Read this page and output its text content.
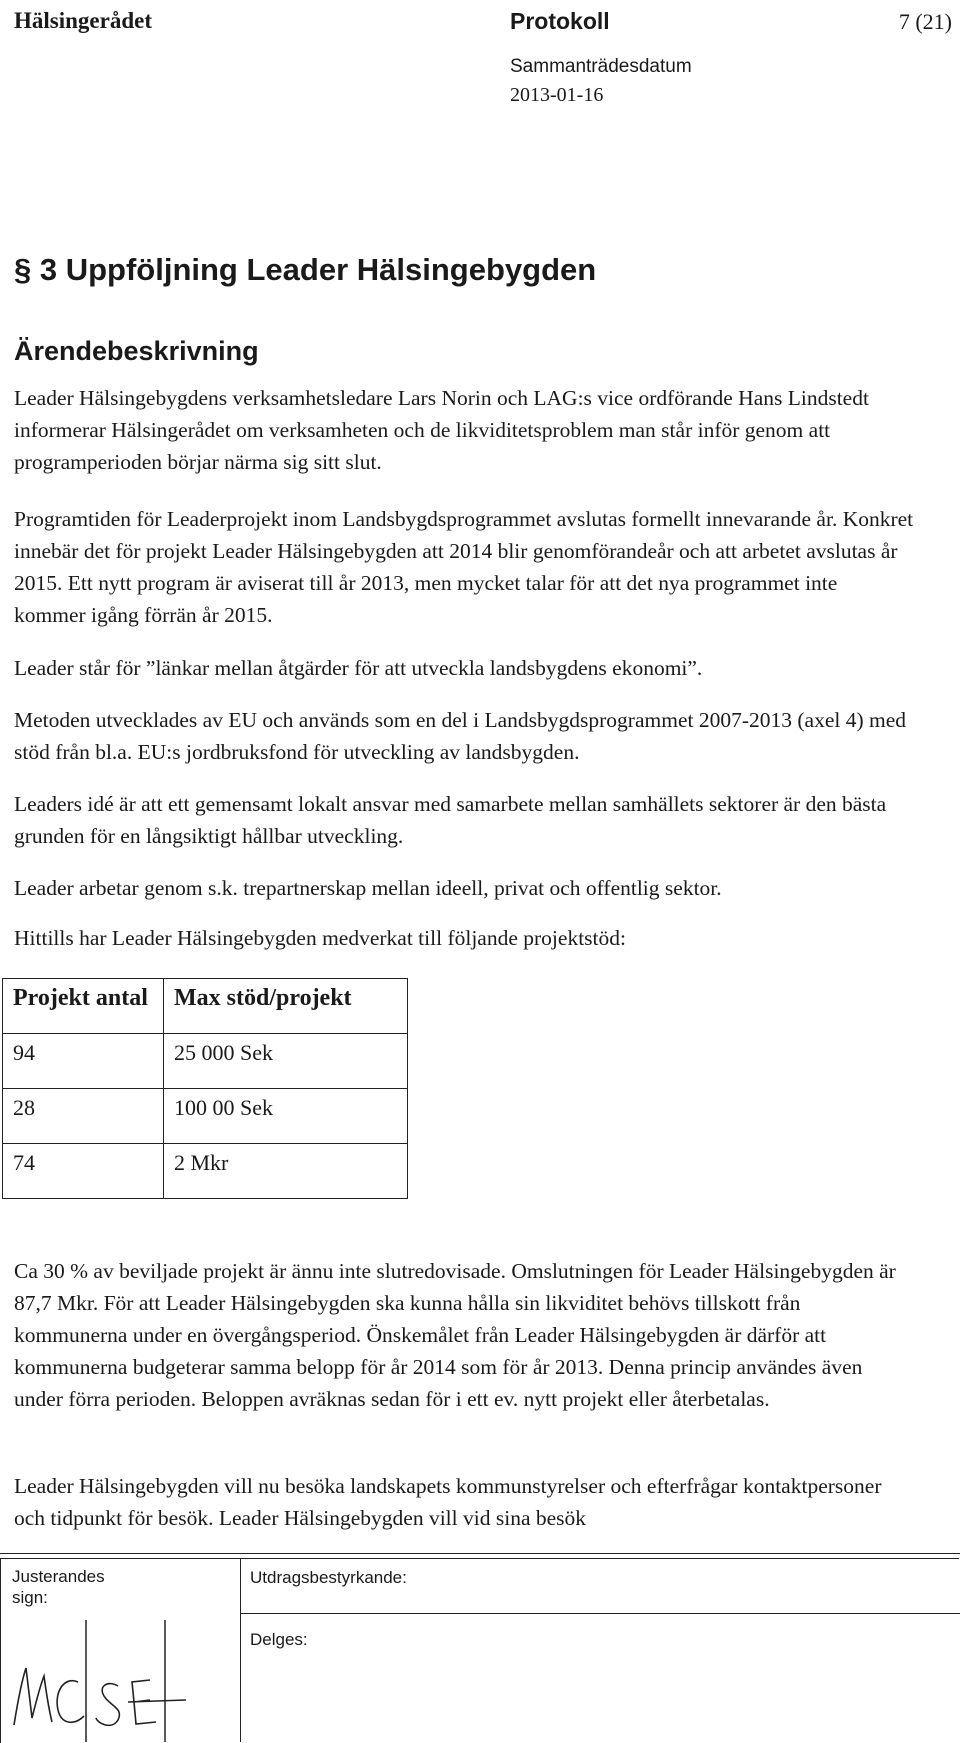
Hälsingerådet	Protokoll	7 (21)
Sammanträdesdatum
2013-01-16
§ 3 Uppföljning Leader Hälsingebygden
Ärendebeskrivning

Leader Hälsingebygdens verksamhetsledare Lars Norin och LAG:s vice ordförande Hans Lindstedt informerar Hälsingerådet om verksamheten och de likviditetsproblem man står inför genom att programperioden börjar närma sig sitt slut.

Programtiden för Leaderprojekt inom Landsbygdsprogrammet avslutas formellt innevarande år. Konkret innebär det för projekt Leader Hälsingebygden att 2014 blir genomförandeår och att arbetet avslutas år 2015. Ett nytt program är aviserat till år 2013, men mycket talar för att det nya programmet inte kommer igång förrän år 2015.

Leader står för ”länkar mellan åtgärder för att utveckla landsbygdens ekonomi”.

Metoden utvecklades av EU och används som en del i Landsbygdsprogrammet 2007-2013 (axel 4) med stöd från bl.a. EU:s jordbruksfond för utveckling av landsbygden.

Leaders idé är att ett gemensamt lokalt ansvar med samarbete mellan samhällets sektorer är den bästa grunden för en långsiktigt hållbar utveckling.

Leader arbetar genom s.k. trepartnerskap mellan ideell, privat och offentlig sektor.

Hittills har Leader Hälsingebygden medverkat till följande projektstöd:

Projekt antal	Max stöd/projekt
94	25 000 Sek
28	100 00 Sek
74	2 Mkr

Ca 30 % av beviljade projekt är ännu inte slutredovisade. Omslutningen för Leader Hälsingebygden är 87,7 Mkr. För att Leader Hälsingebygden ska kunna hålla sin likviditet behövs tillskott från kommunerna under en övergångsperiod. Önskemålet från Leader Hälsingebygden är därför att kommunerna budgeterar samma belopp för år 2014 som för år 2013. Denna princip användes även under förra perioden. Beloppen avräknas sedan för i ett ev. nytt projekt eller återbetalas.

Leader Hälsingebygden vill nu besöka landskapets kommunstyrelser och efterfrågar kontaktpersoner och tidpunkt för besök. Leader Hälsingebygden vill vid sina besök

Justerandes sign:
Utdragsbestyrkande:
Delges:
